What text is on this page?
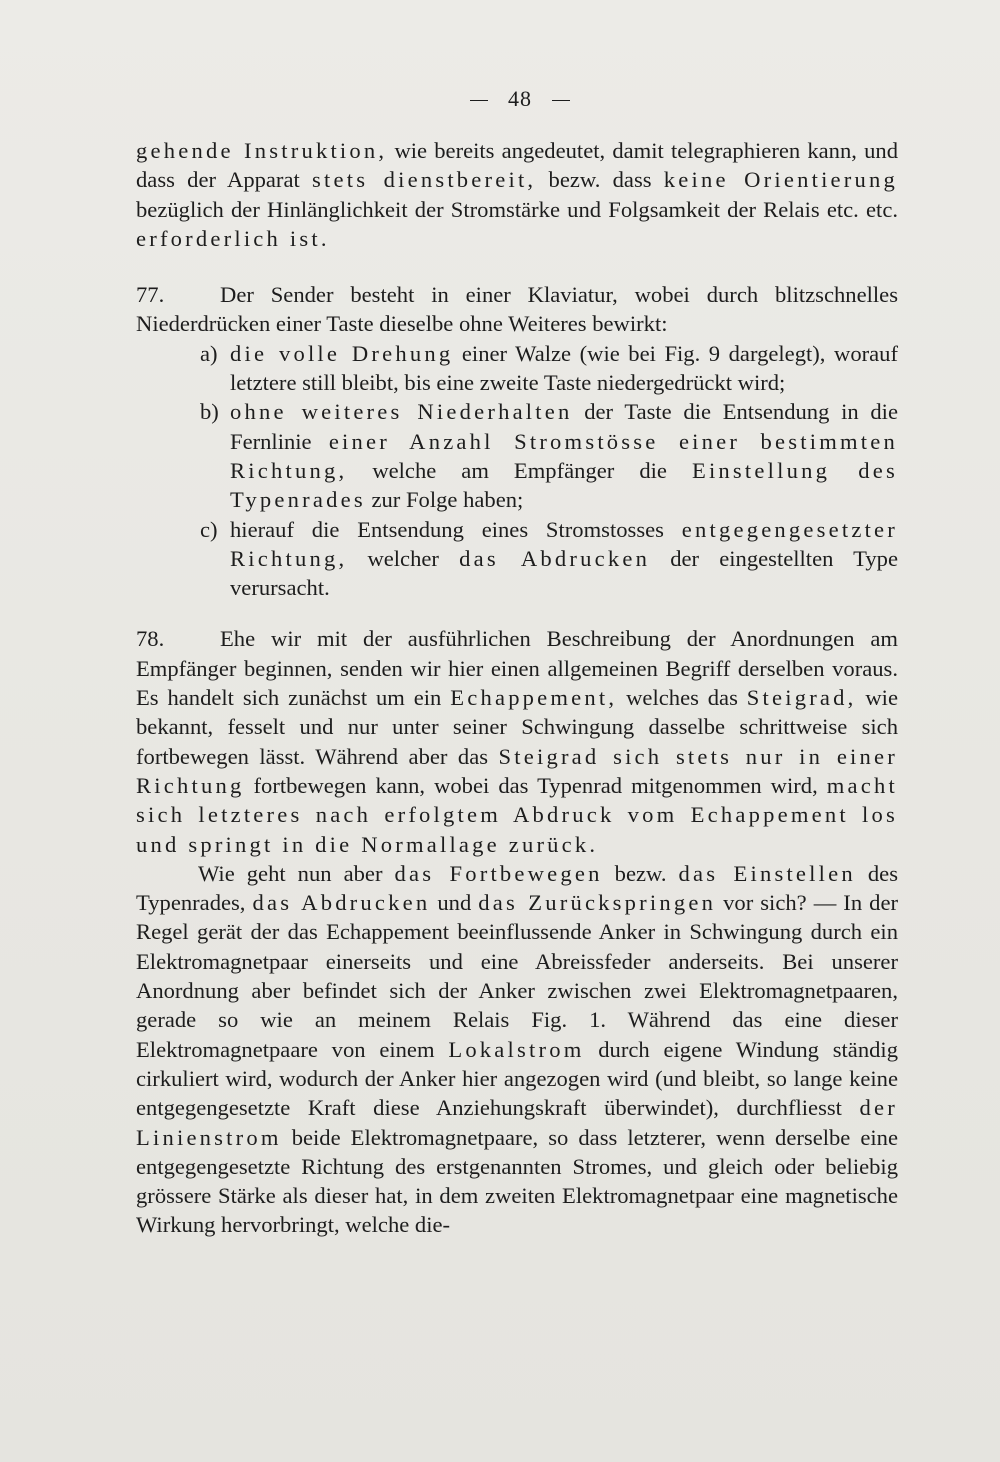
48

gehende Instruktion, wie bereits angedeutet, damit telegraphieren kann, und dass der Apparat stets dienstbereit, bezw. dass keine Orientierung bezüglich der Hinlänglichkeit der Stromstärke und Folgsamkeit der Relais etc. etc. erforderlich ist.

77. Der Sender besteht in einer Klaviatur, wobei durch blitzschnelles Niederdrücken einer Taste dieselbe ohne Weiteres bewirkt:

a) die volle Drehung einer Walze (wie bei Fig. 9 dargelegt), worauf letztere still bleibt, bis eine zweite Taste niedergedrückt wird;
b) ohne weiteres Niederhalten der Taste die Entsendung in die Fernlinie einer Anzahl Stromstösse einer bestimmten Richtung, welche am Empfänger die Einstellung des Typenrades zur Folge haben;
c) hierauf die Entsendung eines Stromstosses entgegengesetzter Richtung, welcher das Abdrucken der eingestellten Type verursacht.

78. Ehe wir mit der ausführlichen Beschreibung der Anordnungen am Empfänger beginnen, senden wir hier einen allgemeinen Begriff derselben voraus. Es handelt sich zunächst um ein Echappement, welches das Steigrad, wie bekannt, fesselt und nur unter seiner Schwingung dasselbe schrittweise sich fortbewegen lässt. Während aber das Steigrad sich stets nur in einer Richtung fortbewegen kann, wobei das Typenrad mitgenommen wird, macht sich letzteres nach erfolgtem Abdruck vom Echappement los und springt in die Normallage zurück.

Wie geht nun aber das Fortbewegen bezw. das Einstellen des Typenrades, das Abdrucken und das Zurückspringen vor sich? — In der Regel gerät der das Echappement beeinflussende Anker in Schwingung durch ein Elektromagnetpaar einerseits und eine Abreissfeder anderseits. Bei unserer Anordnung aber befindet sich der Anker zwischen zwei Elektromagnetpaaren, gerade so wie an meinem Relais Fig. 1. Während das eine dieser Elektromagnetpaare von einem Lokalstrom durch eigene Windung ständig cirkuliert wird, wodurch der Anker hier angezogen wird (und bleibt, so lange keine entgegengesetzte Kraft diese Anziehungskraft überwindet), durchfliesst der Linienstrom beide Elektromagnetpaare, so dass letzterer, wenn derselbe eine entgegengesetzte Richtung des erstgenannten Stromes, und gleich oder beliebig grössere Stärke als dieser hat, in dem zweiten Elektromagnetpaar eine magnetische Wirkung hervorbringt, welche die-
